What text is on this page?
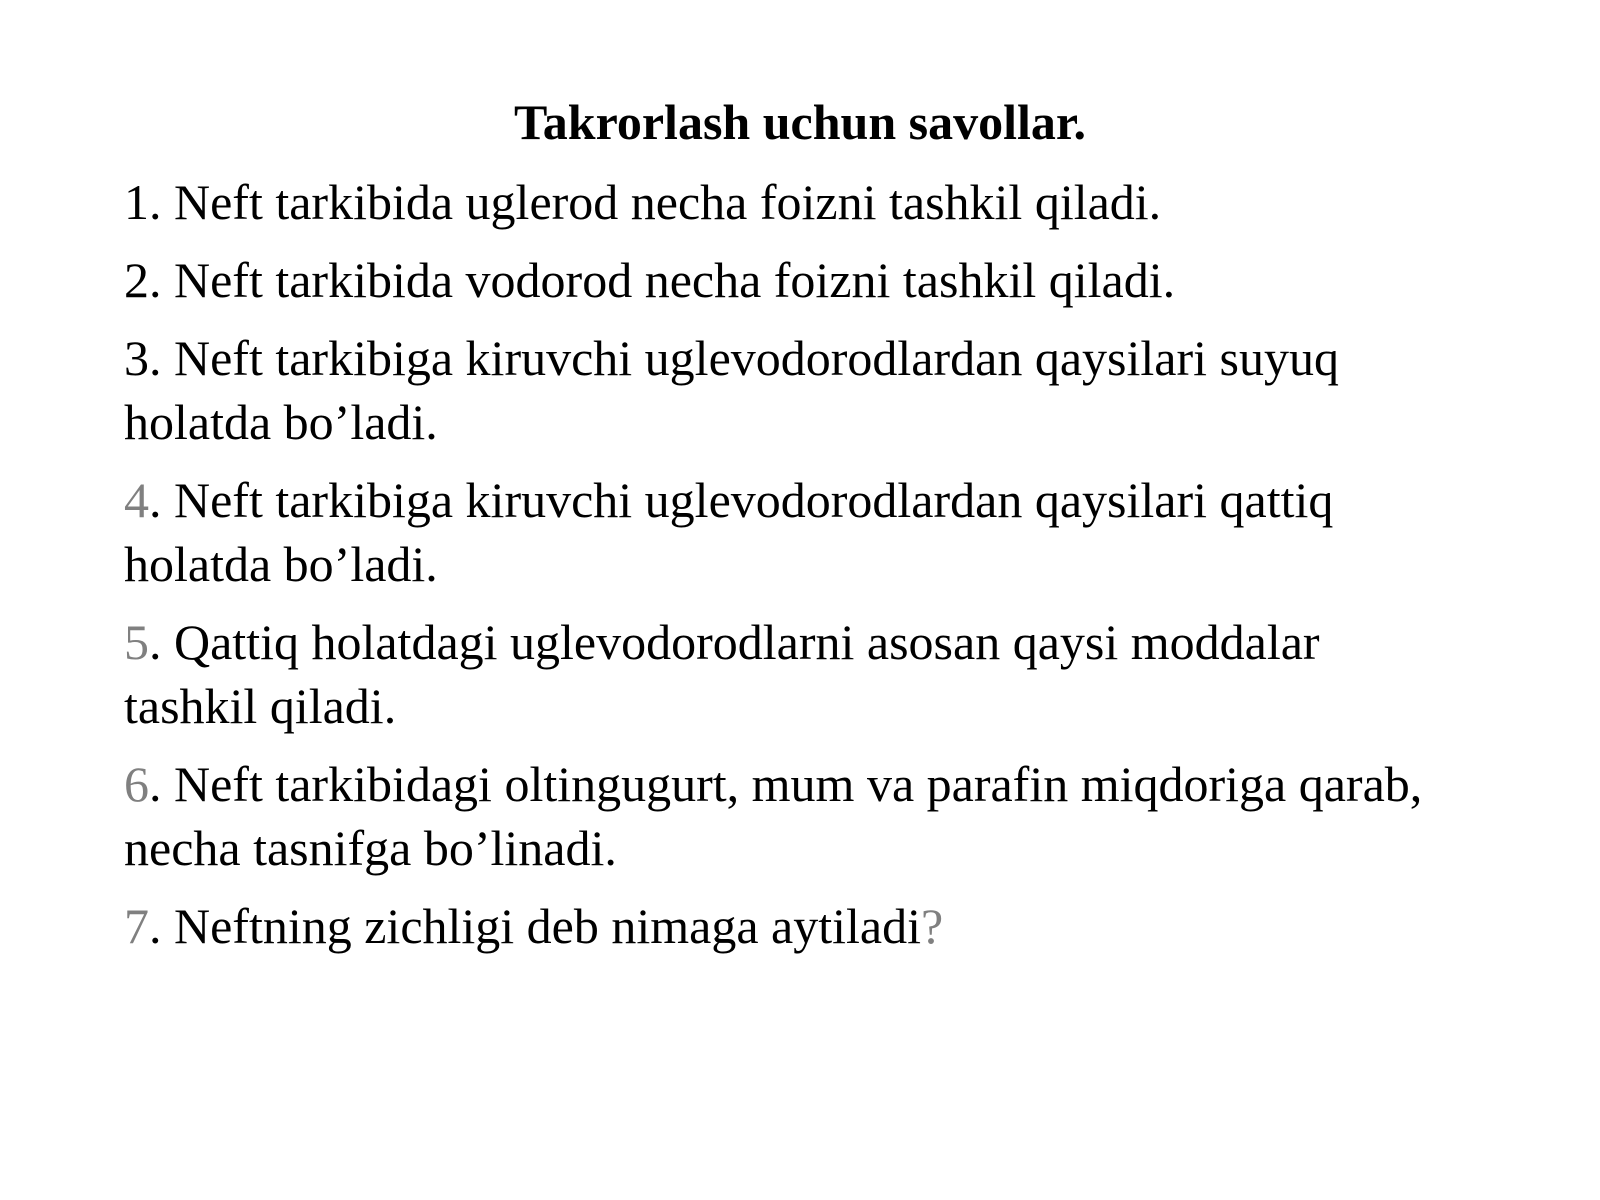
Takrorlash uchun savollar.
1. Neft tarkibida uglerod necha foizni tashkil qiladi.
2. Neft tarkibida vodorod necha foizni tashkil qiladi.
3. Neft tarkibiga kiruvchi uglevodorodlardan qaysilari suyuq holatda bo’ladi.
4. Neft tarkibiga kiruvchi uglevodorodlardan qaysilari qattiq holatda bo’ladi.
5. Qattiq holatdagi uglevodorodlarni asosan qaysi moddalar tashkil qiladi.
6. Neft tarkibidagi oltingugurt, mum va parafin miqdoriga qarab, necha tasnifga bo’linadi.
7. Neftning zichligi deb nimaga aytiladi?
